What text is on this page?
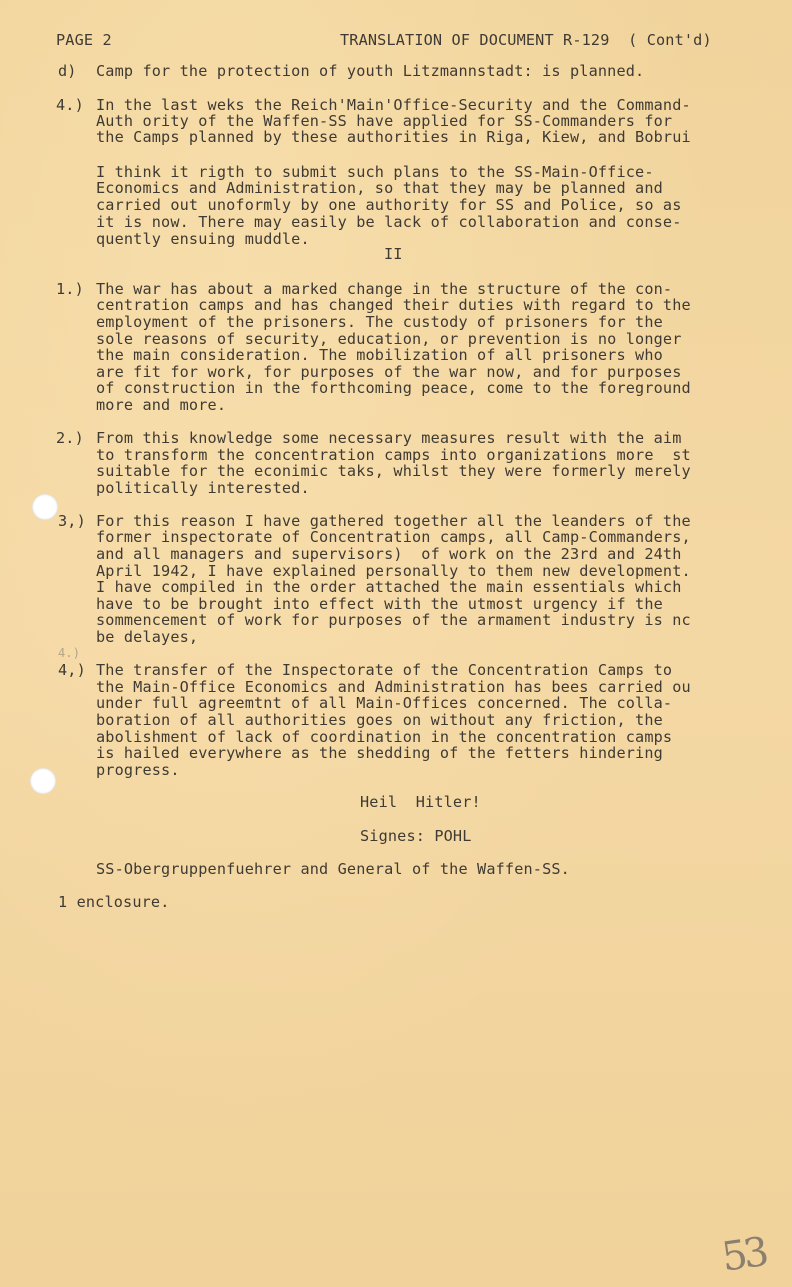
PAGE 2	TRANSLATION OF DOCUMENT R-129  ( Cont'd)
d) Camp for the protection of youth Litzmannstadt: is planned.
4.) In the last weks the Reich'Main'Office-Security and the Command-
Auth ority of the Waffen-SS have applied for SS-Commanders for
the Camps planned by these authorities in Riga, Kiew, and Bobrui
I think it rigth to submit such plans to the SS-Main-Office-
Economics and Administration, so that they may be planned and
carried out unoformly by one authority for SS and Police, so as
it is now. There may easily be lack of collaboration and conse-
quently ensuing muddle.
II
1.) The war has about a marked change in the structure of the con-
centration camps and has changed their duties with regard to the
employment of the prisoners. The custody of prisoners for the
sole reasons of security, education, or prevention is no longer
the main consideration. The mobilization of all prisoners who
are fit for work, for purposes of the war now, and for purposes
of construction in the forthcoming peace, come to the foreground
more and more.
2.) From this knowledge some necessary measures result with the aim
to transform the concentration camps into organizations more  st
suitable for the econimic taks, whilst they were formerly merely
politically interested.
3,) For this reason I have gathered together all the leanders of the
former inspectorate of Concentration camps, all Camp-Commanders,
and all managers and supervisors)  of work on the 23rd and 24th
April 1942, I have explained personally to them new development.
I have compiled in the order attached the main essentials which
have to be brought into effect with the utmost urgency if the
sommencement of work for purposes of the armament industry is nc
be delayes,
4.)
4,) The transfer of the Inspectorate of the Concentration Camps to
the Main-Office Economics and Administration has bees carried ou
under full agreemtnt of all Main-Offices concerned. The colla-
boration of all authorities goes on without any friction, the
abolishment of lack of coordination in the concentration camps
is hailed everywhere as the shedding of the fetters hindering
progress.
Heil  Hitler!
Signes: POHL
SS-Obergruppenfuehrer and General of the Waffen-SS.
1 enclosure.
53
